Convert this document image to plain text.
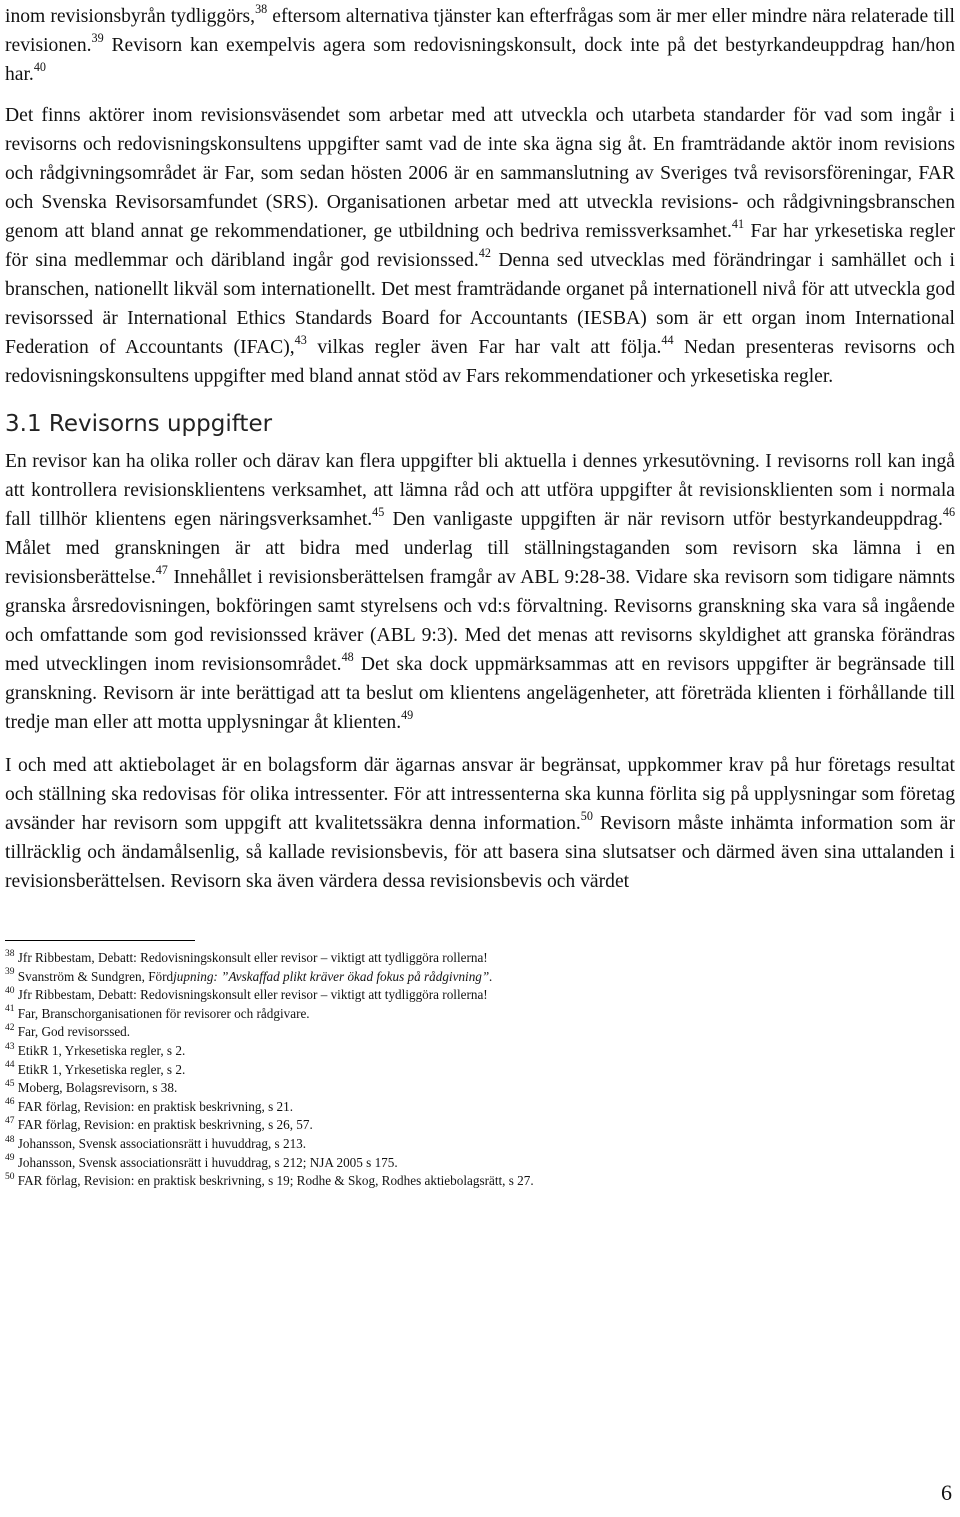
inom revisionsbyrån tydliggörs,$^{38}$ eftersom alternativa tjänster kan efterfrågas som är mer eller mindre nära relaterade till revisionen.$^{39}$ Revisorn kan exempelvis agera som redovisningskonsult, dock inte på det bestyrkandeuppdrag han/hon har.$^{40}$

Det finns aktörer inom revisionsväsendet som arbetar med att utveckla och utarbeta standarder för vad som ingår i revisorns och redovisningskonsultens uppgifter samt vad de inte ska ägna sig åt. En framträdande aktör inom revisions och rådgivningsområdet är Far, som sedan hösten 2006 är en sammanslutning av Sveriges två revisorsföreningar, FAR och Svenska Revisorsamfundet (SRS). Organisationen arbetar med att utveckla revisions- och rådgivningsbranschen genom att bland annat ge rekommendationer, ge utbildning och bedriva remissverksamhet.$^{41}$ Far har yrkesetiska regler för sina medlemmar och däribland ingår god revisionssed.$^{42}$ Denna sed utvecklas med förändringar i samhället och i branschen, nationellt likväl som internationellt. Det mest framträdande organet på internationell nivå för att utveckla god revisorssed är International Ethics Standards Board for Accountants (IESBA) som är ett organ inom International Federation of Accountants (IFAC),$^{43}$ vilkas regler även Far har valt att följa.$^{44}$ Nedan presenteras revisorns och redovisningskonsultens uppgifter med bland annat stöd av Fars rekommendationer och yrkesetiska regler.

3.1 Revisorns uppgifter

En revisor kan ha olika roller och därav kan flera uppgifter bli aktuella i dennes yrkesutövning. I revisorns roll kan ingå att kontrollera revisionsklientens verksamhet, att lämna råd och att utföra uppgifter åt revisionsklienten som i normala fall tillhör klientens egen näringsverksamhet.$^{45}$ Den vanligaste uppgiften är när revisorn utför bestyrkandeuppdrag.$^{46}$ Målet med granskningen är att bidra med underlag till ställningstaganden som revisorn ska lämna i en revisionsberättelse.$^{47}$ Innehållet i revisionsberättelsen framgår av ABL 9:28-38. Vidare ska revisorn som tidigare nämnts granska årsredovisningen, bokföringen samt styrelsens och vd:s förvaltning. Revisorns granskning ska vara så ingående och omfattande som god revisionssed kräver (ABL 9:3). Med det menas att revisorns skyldighet att granska förändras med utvecklingen inom revisionsområdet.$^{48}$ Det ska dock uppmärksammas att en revisors uppgifter är begränsade till granskning. Revisorn är inte berättigad att ta beslut om klientens angelägenheter, att företräda klienten i förhållande till tredje man eller att motta upplysningar åt klienten.$^{49}$

I och med att aktiebolaget är en bolagsform där ägarnas ansvar är begränsat, uppkommer krav på hur företags resultat och ställning ska redovisas för olika intressenter. För att intressenterna ska kunna förlita sig på upplysningar som företag avsänder har revisorn som uppgift att kvalitetssäkra denna information.$^{50}$ Revisorn måste inhämta information som är tillräcklig och ändamålsenlig, så kallade revisionsbevis, för att basera sina slutsatser och därmed även sina uttalanden i revisionsberättelsen. Revisorn ska även värdera dessa revisionsbevis och värdet

$^{38}$ Jfr Ribbestam, Debatt: Redovisningskonsult eller revisor – viktigt att tydliggöra rollerna!

$^{39}$ Svanström & Sundgren, Fördjupning: ”Avskaffad plikt kräver ökad fokus på rådgivning”.

$^{40}$ Jfr Ribbestam, Debatt: Redovisningskonsult eller revisor – viktigt att tydliggöra rollerna!

$^{41}$ Far, Branschorganisationen för revisorer och rådgivare.

$^{42}$ Far, God revisorssed.

$^{43}$ EtikR 1, Yrkesetiska regler, s 2.

$^{44}$ EtikR 1, Yrkesetiska regler, s 2.

$^{45}$ Moberg, Bolagsrevisorn, s 38.

$^{46}$ FAR förlag, Revision: en praktisk beskrivning, s 21.

$^{47}$ FAR förlag, Revision: en praktisk beskrivning, s 26, 57.

$^{48}$ Johansson, Svensk associationsrätt i huvuddrag, s 213.

$^{49}$ Johansson, Svensk associationsrätt i huvuddrag, s 212; NJA 2005 s 175.

$^{50}$ FAR förlag, Revision: en praktisk beskrivning, s 19; Rodhe & Skog, Rodhes aktiebolagsrätt, s 27.

6
